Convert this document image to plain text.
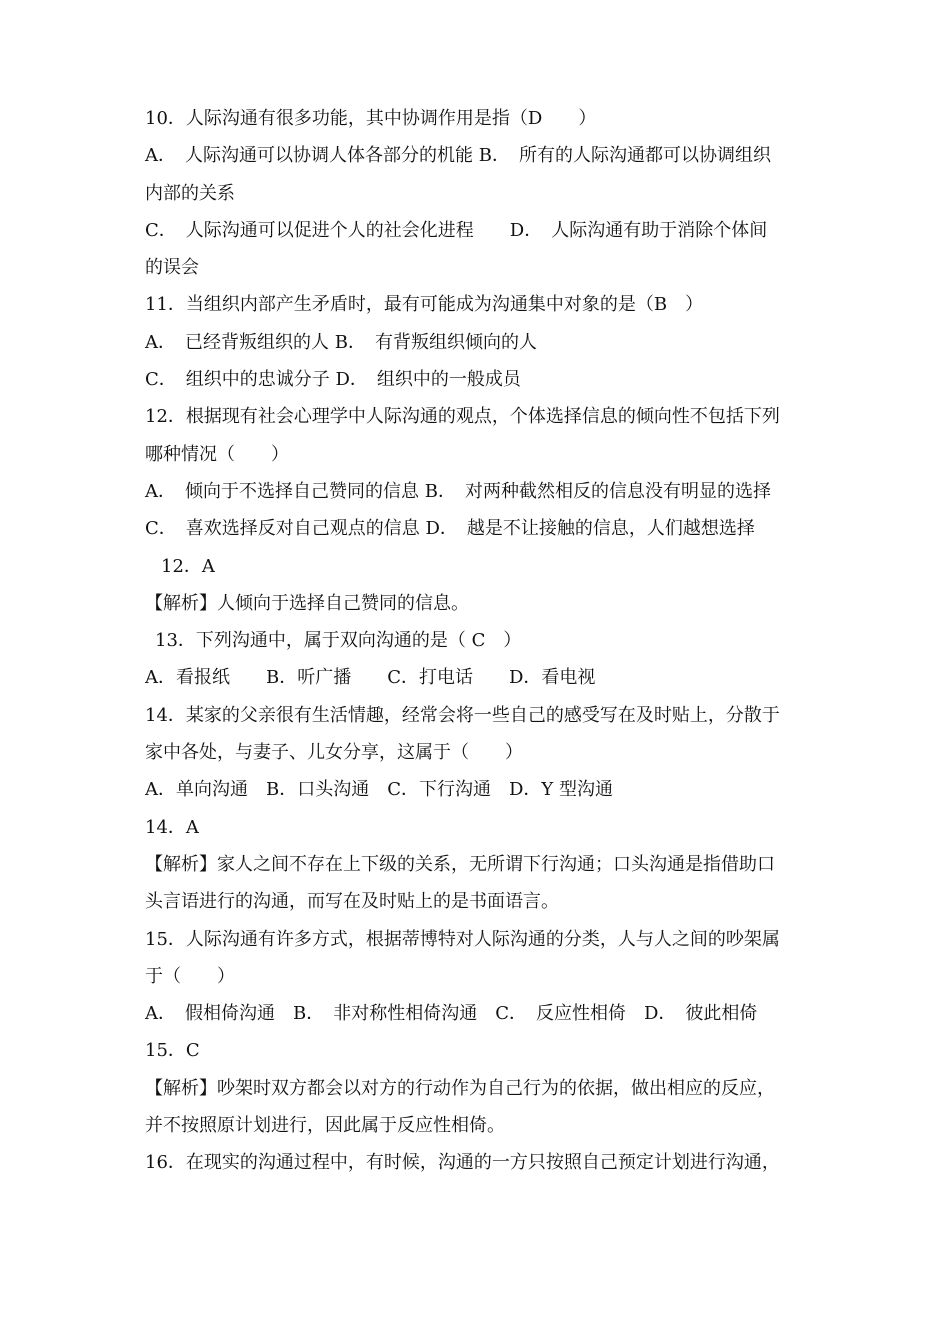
10．人际沟通有很多功能，其中协调作用是指（D　　）
A．　人际沟通可以协调人体各部分的机能 B．　所有的人际沟通都可以协调组织
内部的关系
C．　人际沟通可以促进个人的社会化进程　　D．　人际沟通有助于消除个体间
的误会
11．当组织内部产生矛盾时，最有可能成为沟通集中对象的是（B　）
A．　已经背叛组织的人 B．　有背叛组织倾向的人
C．　组织中的忠诚分子 D．　组织中的一般成员
12．根据现有社会心理学中人际沟通的观点，个体选择信息的倾向性不包括下列
哪种情况（　　）
A．　倾向于不选择自己赞同的信息 B．　对两种截然相反的信息没有明显的选择
C．　喜欢选择反对自己观点的信息 D．　越是不让接触的信息，人们越想选择
12．A
【解析】人倾向于选择自己赞同的信息。
13．下列沟通中，属于双向沟通的是（ C　）
A．看报纸　　B．听广播　　C．打电话　　D．看电视
14．某家的父亲很有生活情趣，经常会将一些自己的感受写在及时贴上，分散于
家中各处，与妻子、儿女分享，这属于（　　）
A．单向沟通　B．口头沟通　C．下行沟通　D．Y 型沟通
14．A
【解析】家人之间不存在上下级的关系，无所谓下行沟通；口头沟通是指借助口
头言语进行的沟通，而写在及时贴上的是书面语言。
15．人际沟通有许多方式，根据蒂博特对人际沟通的分类，人与人之间的吵架属
于（　　）
A．　假相倚沟通　B．　非对称性相倚沟通　C．　反应性相倚　D．　彼此相倚
15．C
【解析】吵架时双方都会以对方的行动作为自己行为的依据，做出相应的反应，
并不按照原计划进行，因此属于反应性相倚。
16．在现实的沟通过程中，有时候，沟通的一方只按照自己预定计划进行沟通，
